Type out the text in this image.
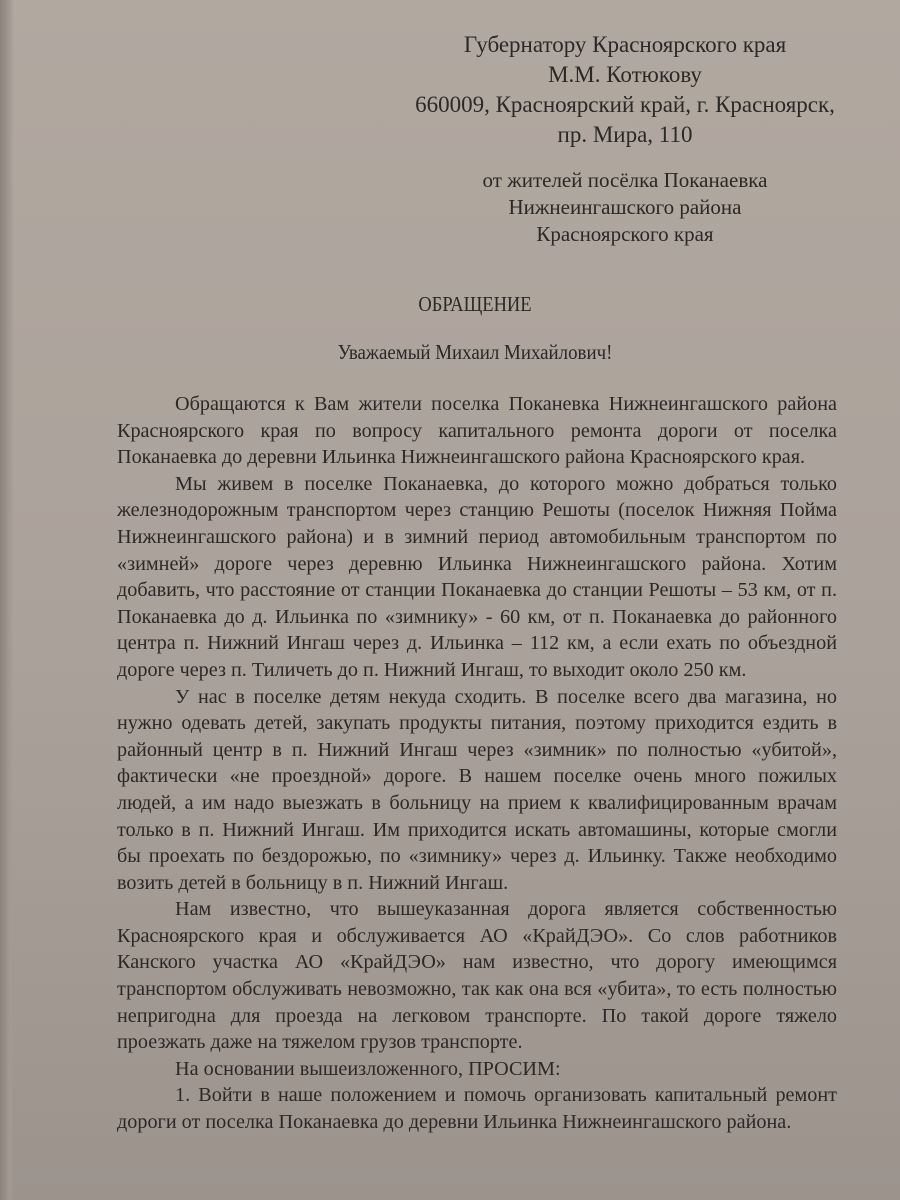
Губернатору Красноярского края
М.М. Котюкову
660009, Красноярский край, г. Красноярск,
пр. Мира, 110
от жителей посёлка Поканаевка
Нижнеингашского района
Красноярского края
ОБРАЩЕНИЕ
Уважаемый Михаил Михайлович!

Обращаются к Вам жители поселка Поканевка Нижнеингашского района Красноярского края по вопросу капитального ремонта дороги от поселка Поканаевка до деревни Ильинка Нижнеингашского района Красноярского края.

Мы живем в поселке Поканаевка, до которого можно добраться только железнодорожным транспортом через станцию Решоты (поселок Нижняя Пойма Нижнеингашского района) и в зимний период автомобильным транспортом по «зимней» дороге через деревню Ильинка Нижнеингашского района. Хотим добавить, что расстояние от станции Поканаевка до станции Решоты – 53 км, от п. Поканаевка до д. Ильинка по «зимнику» - 60 км, от п. Поканаевка до районного центра п. Нижний Ингаш через д. Ильинка – 112 км, а если ехать по объездной дороге через п. Тиличеть до п. Нижний Ингаш, то выходит около 250 км.

У нас в поселке детям некуда сходить. В поселке всего два магазина, но нужно одевать детей, закупать продукты питания, поэтому приходится ездить в районный центр в п. Нижний Ингаш через «зимник» по полностью «убитой», фактически «не проездной» дороге. В нашем поселке очень много пожилых людей, а им надо выезжать в больницу на прием к квалифицированным врачам только в п. Нижний Ингаш. Им приходится искать автомашины, которые смогли бы проехать по бездорожью, по «зимнику» через д. Ильинку. Также необходимо возить детей в больницу в п. Нижний Ингаш.

Нам известно, что вышеуказанная дорога является собственностью Красноярского края и обслуживается АО «КрайДЭО». Со слов работников Канского участка АО «КрайДЭО» нам известно, что дорогу имеющимся транспортом обслуживать невозможно, так как она вся «убита», то есть полностью непригодна для проезда на легковом транспорте. По такой дороге тяжело проезжать даже на тяжелом грузов транспорте.

На основании вышеизложенного, ПРОСИМ:

1. Войти в наше положением и помочь организовать капитальный ремонт дороги от поселка Поканаевка до деревни Ильинка Нижнеингашского района.
